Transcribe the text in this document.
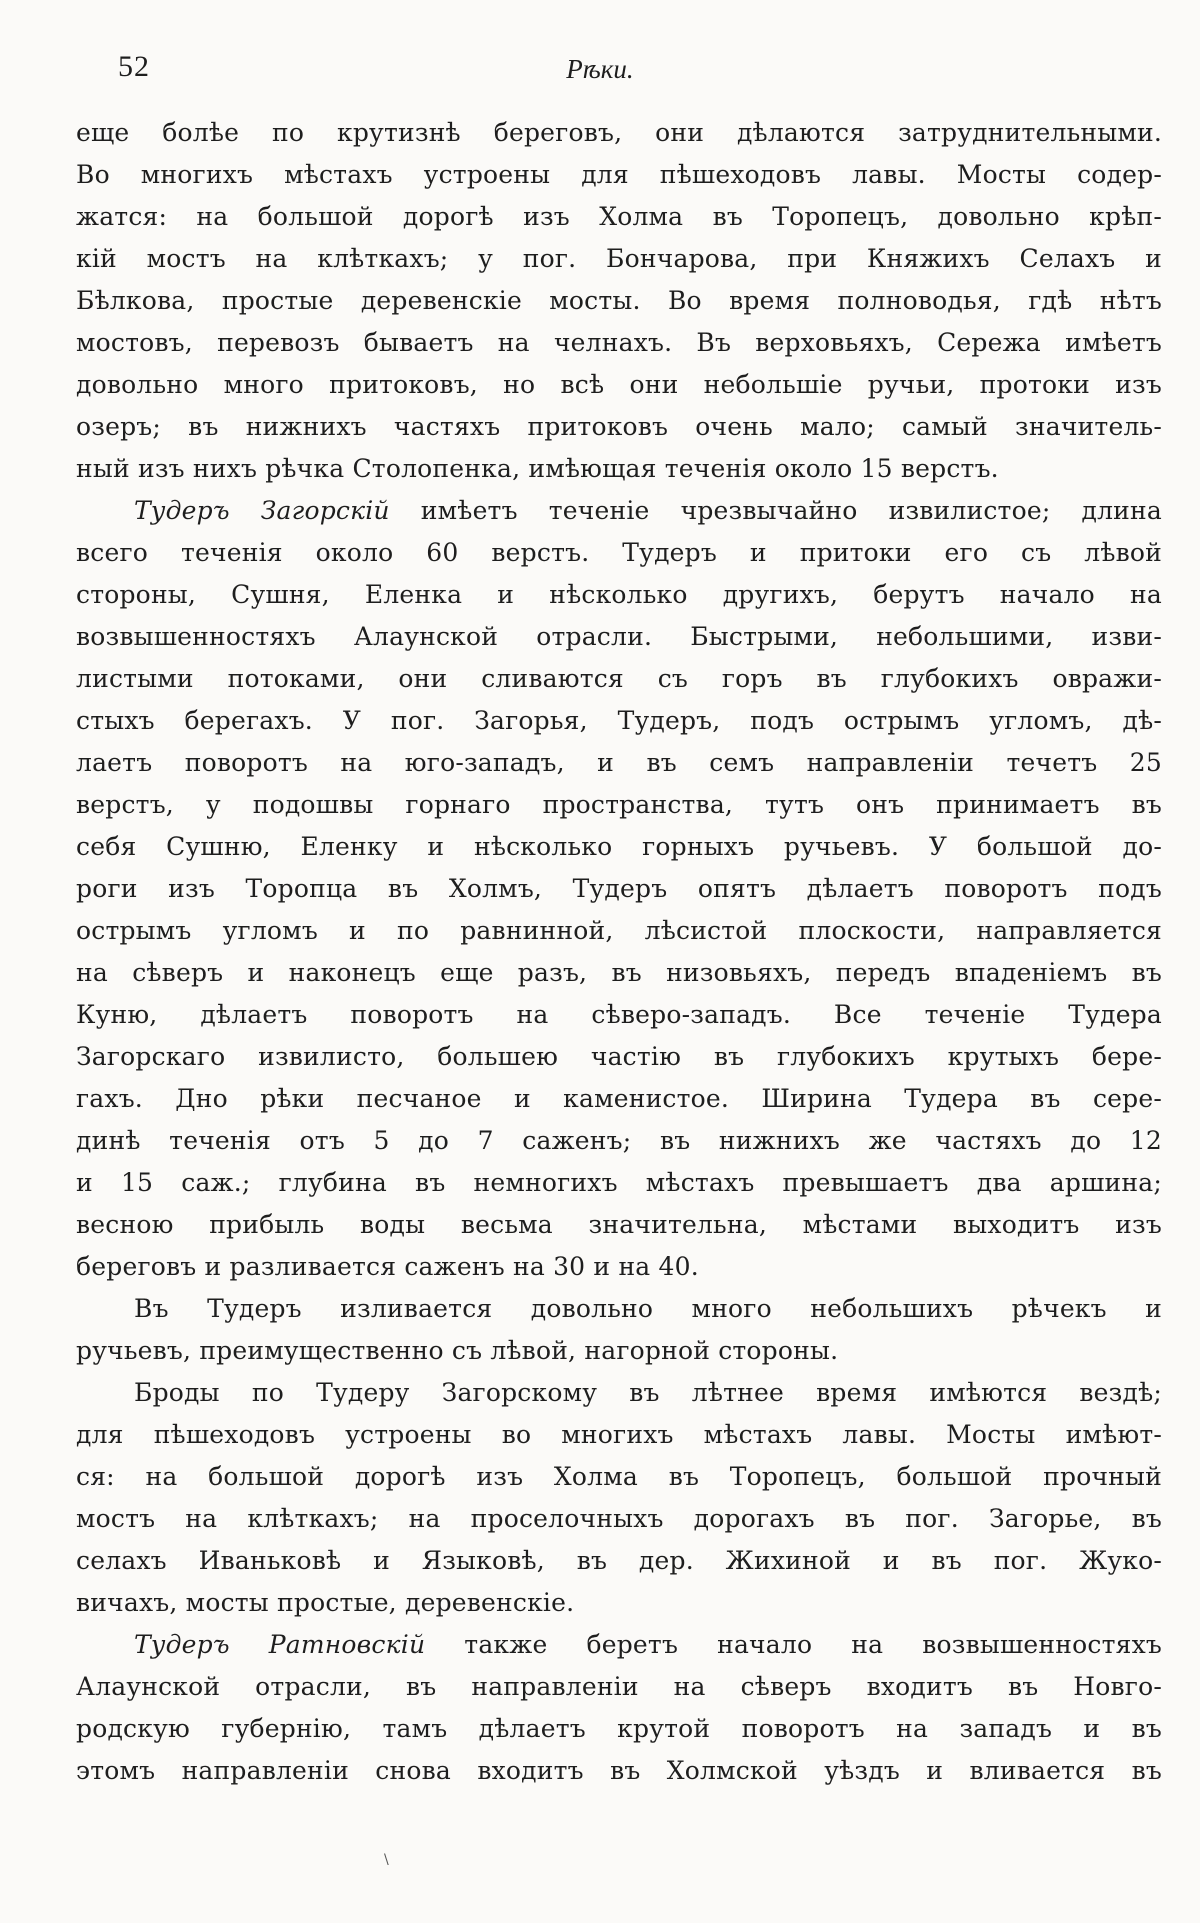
52	Рѣки.
еще болѣе по крутизнѣ береговъ, они дѣлаются затруднительными.
Во многихъ мѣстахъ устроены для пѣшеходовъ лавы. Мосты содер-
жатся: на большой дорогѣ изъ Холма въ Торопецъ, довольно крѣп-
кій мостъ на клѣткахъ; у пог. Бончарова, при Княжихъ Селахъ и
Бѣлкова, простые деревенскіе мосты. Во время полноводья, гдѣ нѣтъ
мостовъ, перевозъ бываетъ на челнахъ. Въ верховьяхъ, Сережа имѣетъ
довольно много притоковъ, но всѣ они небольшіе ручьи, протоки изъ
озеръ; въ нижнихъ частяхъ притоковъ очень мало; самый значитель-
ный изъ нихъ рѣчка Столопенка, имѣющая теченія около 15 верстъ.
Тудеръ Загорскій имѣетъ теченіе чрезвычайно извилистое; длина
всего теченія около 60 верстъ. Тудеръ и притоки его съ лѣвой
стороны, Сушня, Еленка и нѣсколько другихъ, берутъ начало на
возвышенностяхъ Алаунской отрасли. Быстрыми, небольшими, изви-
листыми потоками, они сливаются съ горъ въ глубокихъ овражи-
стыхъ берегахъ. У пог. Загорья, Тудеръ, подъ острымъ угломъ, дѣ-
лаетъ поворотъ на юго-западъ, и въ семъ направленіи течетъ 25
верстъ, у подошвы горнаго пространства, тутъ онъ принимаетъ въ
себя Сушню, Еленку и нѣсколько горныхъ ручьевъ. У большой до-
роги изъ Торопца въ Холмъ, Тудеръ опятъ дѣлаетъ поворотъ подъ
острымъ угломъ и по равнинной, лѣсистой плоскости, направляется
на сѣверъ и наконецъ еще разъ, въ низовьяхъ, передъ впаденіемъ въ
Куню, дѣлаетъ поворотъ на сѣверо-западъ. Все теченіе Тудера
Загорскаго извилисто, большею частію въ глубокихъ крутыхъ бере-
гахъ. Дно рѣки песчаное и каменистое. Ширина Тудера въ сере-
динѣ теченія отъ 5 до 7 саженъ; въ нижнихъ же частяхъ до 12
и 15 саж.; глубина въ немногихъ мѣстахъ превышаетъ два аршина;
весною прибыль воды весьма значительна, мѣстами выходитъ изъ
береговъ и разливается саженъ на 30 и на 40.
Въ Тудеръ изливается довольно много небольшихъ рѣчекъ и
ручьевъ, преимущественно съ лѣвой, нагорной стороны.
Броды по Тудеру Загорскому въ лѣтнее время имѣются вездѣ;
для пѣшеходовъ устроены во многихъ мѣстахъ лавы. Мосты имѣют-
ся: на большой дорогѣ изъ Холма въ Торопецъ, большой прочный
мостъ на клѣткахъ; на проселочныхъ дорогахъ въ пог. Загорье, въ
селахъ Иваньковѣ и Языковѣ, въ дер. Жихиной и въ пог. Жуко-
вичахъ, мосты простые, деревенскіе.
Тудеръ Ратновскій также беретъ начало на возвышенностяхъ
Алаунской отрасли, въ направленіи на сѣверъ входитъ въ Новго-
родскую губернію, тамъ дѣлаетъ крутой поворотъ на западъ и въ
этомъ направленіи снова входитъ въ Холмской уѣздъ и вливается въ
\
